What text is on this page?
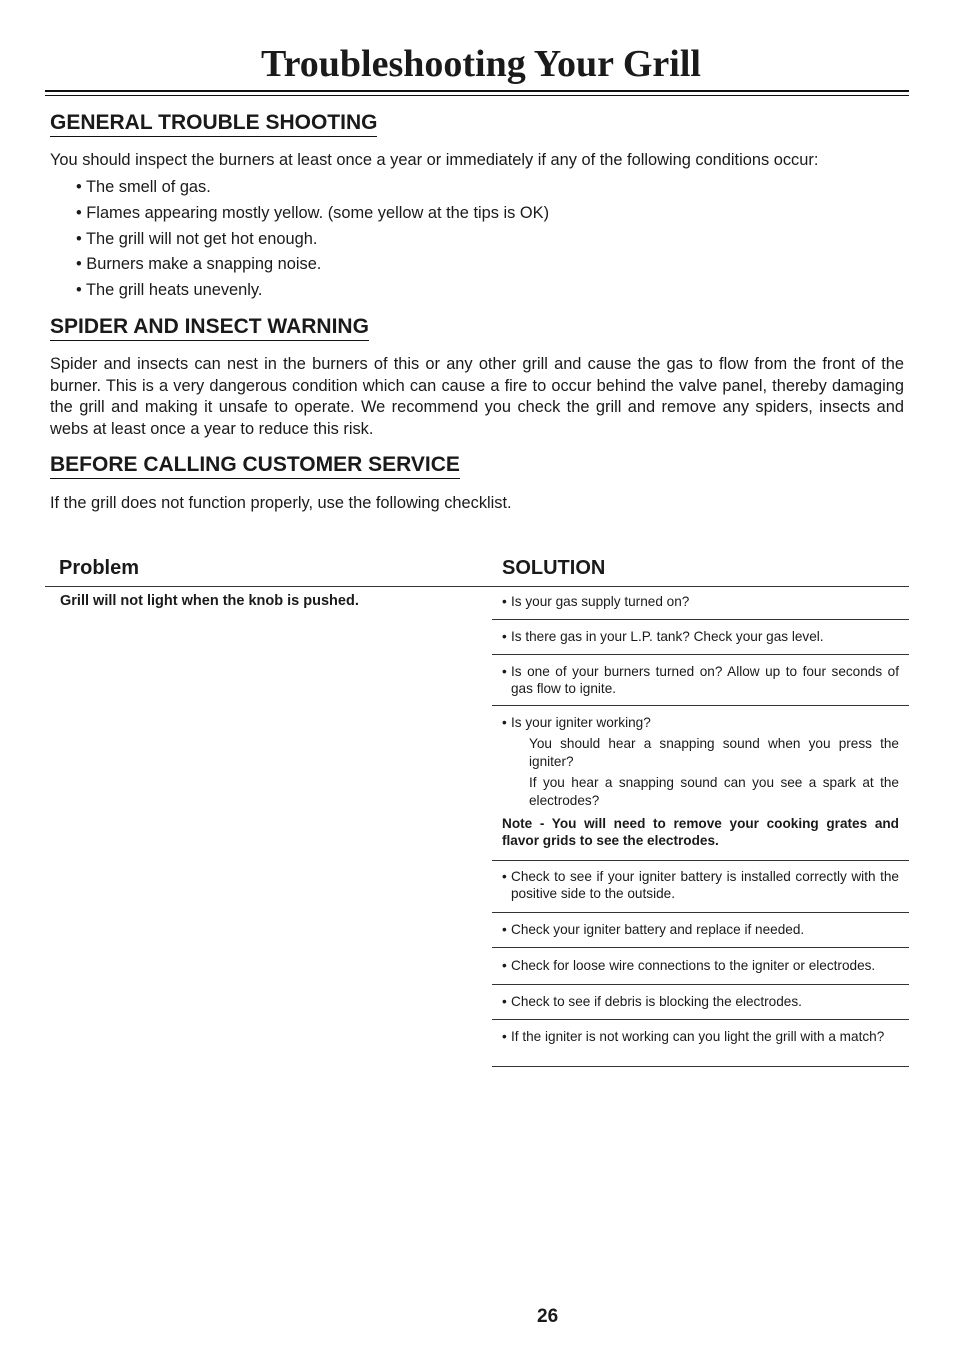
Troubleshooting Your Grill
GENERAL TROUBLE SHOOTING

You should inspect the burners at least once a year or immediately if any of the following conditions occur:

• The smell of gas.
• Flames appearing mostly yellow. (some yellow at the tips is OK)
• The grill will not get hot enough.
• Burners make a snapping noise.
• The grill heats unevenly.
SPIDER AND INSECT WARNING

Spider and insects can nest in the burners of this or any other grill and cause the gas to flow from the front of the burner. This is a very dangerous condition which can cause a fire to occur behind the valve panel, thereby damaging the grill and making it unsafe to operate. We recommend you check the grill and remove any spiders, insects and webs at least once a year to reduce this risk.

BEFORE CALLING CUSTOMER SERVICE

If the grill does not function properly, use the following checklist.

Problem	SOLUTION
Grill will not light when the knob is pushed.	• Is your gas supply turned on?
• Is there gas in your L.P. tank? Check your gas level.
• Is one of your burners turned on? Allow up to four seconds of gas flow to ignite.
• Is your igniter working?
You should hear a snapping sound when you press the igniter?
If you hear a snapping sound can you see a spark at the electrodes?
Note - You will need to remove your cooking grates and flavor grids to see the electrodes.
• Check to see if your igniter battery is installed correctly with the positive side to the outside.
• Check your igniter battery and replace if needed.
• Check for loose wire connections to the igniter or electrodes.
• Check to see if debris is blocking the electrodes.
• If the igniter is not working can you light the grill with a match?
26
